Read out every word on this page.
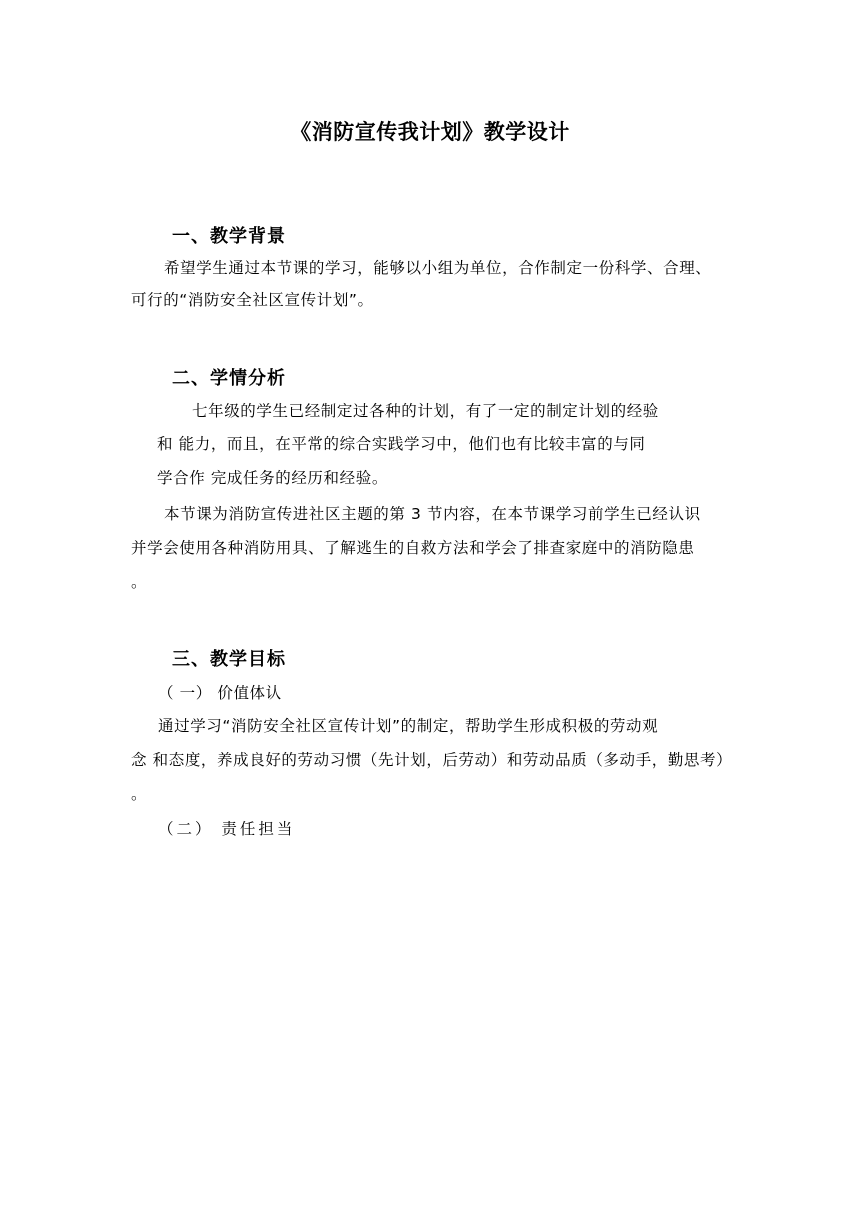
《消防宣传我计划》教学设计
一、教学背景
希望学生通过本节课的学习，能够以小组为单位，合作制定一份科学、合理、
可行的“消防安全社区宣传计划”。
二、学情分析
七年级的学生已经制定过各种的计划，有了一定的制定计划的经验
和 能力，而且，在平常的综合实践学习中，他们也有比较丰富的与同
学合作 完成任务的经历和经验。
本节课为消防宣传进社区主题的第 3 节内容，在本节课学习前学生已经认识
并学会使用各种消防用具、了解逃生的自救方法和学会了排查家庭中的消防隐患
。
三、教学目标
（ 一） 价值体认
通过学习“消防安全社区宣传计划”的制定，帮助学生形成积极的劳动观
念 和态度，养成良好的劳动习惯（先计划，后劳动）和劳动品质（多动手，勤思考）
。
（二） 责任担当
